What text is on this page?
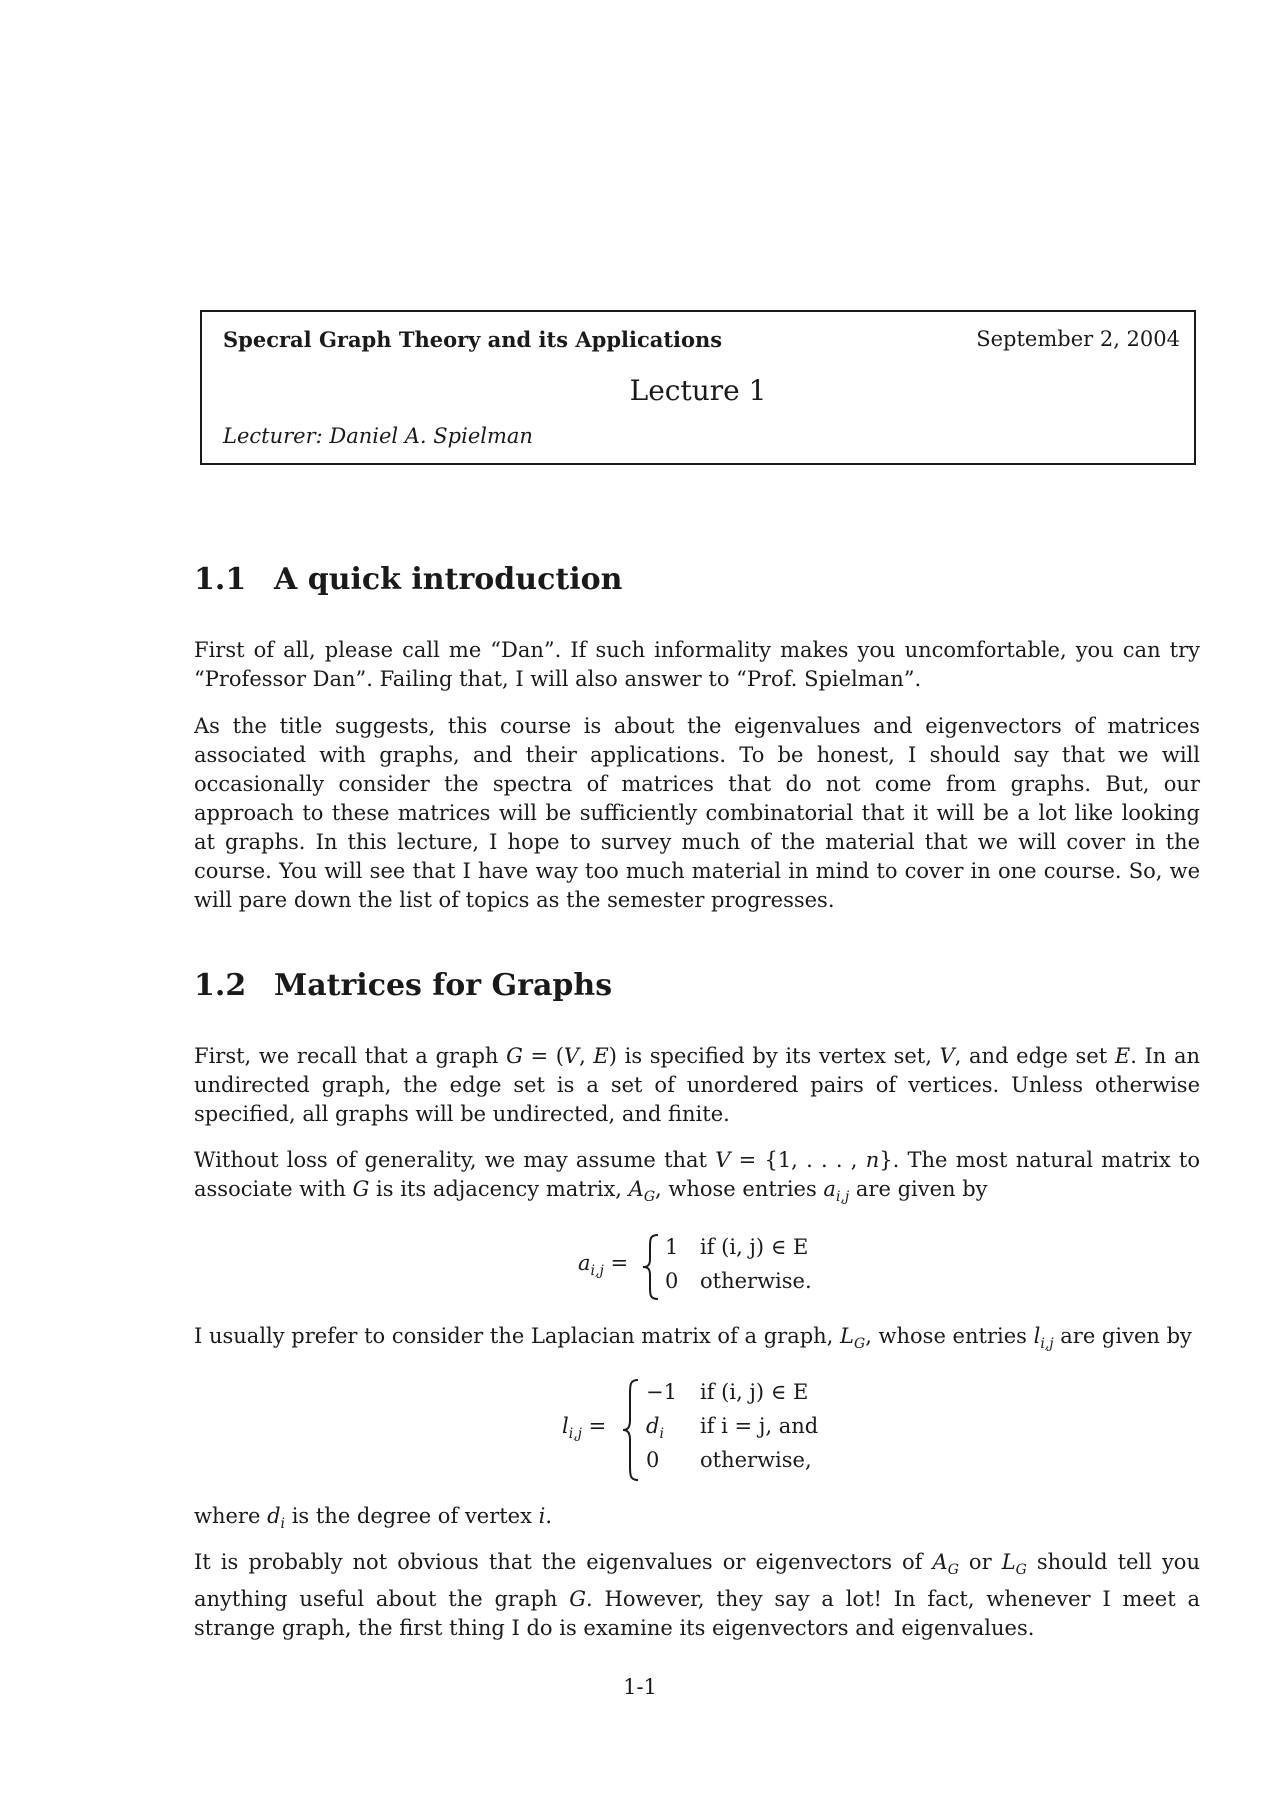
Specral Graph Theory and its Applications	September 2, 2004
Lecture 1
Lecturer: Daniel A. Spielman
1.1 A quick introduction

First of all, please call me “Dan”. If such informality makes you uncomfortable, you can try “Professor Dan”. Failing that, I will also answer to “Prof. Spielman”.

As the title suggests, this course is about the eigenvalues and eigenvectors of matrices associated with graphs, and their applications. To be honest, I should say that we will occasionally consider the spectra of matrices that do not come from graphs. But, our approach to these matrices will be sufficiently combinatorial that it will be a lot like looking at graphs. In this lecture, I hope to survey much of the material that we will cover in the course. You will see that I have way too much material in mind to cover in one course. So, we will pare down the list of topics as the semester progresses.

1.2 Matrices for Graphs

First, we recall that a graph G = (V, E) is specified by its vertex set, V, and edge set E. In an undirected graph, the edge set is a set of unordered pairs of vertices. Unless otherwise specified, all graphs will be undirected, and finite.

Without loss of generality, we may assume that V = {1, . . . , n}. The most natural matrix to associate with G is its adjacency matrix, $A_G$, whose entries $a_{i,j}$ are given by

$a_{i,j}$ =
1 if (i, j) ∈ E
0 otherwise.

I usually prefer to consider the Laplacian matrix of a graph, $L_G$, whose entries $l_{i,j}$ are given by

$l_{i,j}$ =
−1 if (i, j) ∈ E
$d_i$ if i = j, and
0 otherwise,

where $d_i$ is the degree of vertex i.

It is probably not obvious that the eigenvalues or eigenvectors of $A_G$ or $L_G$ should tell you anything useful about the graph G. However, they say a lot! In fact, whenever I meet a strange graph, the first thing I do is examine its eigenvectors and eigenvalues.

1-1
